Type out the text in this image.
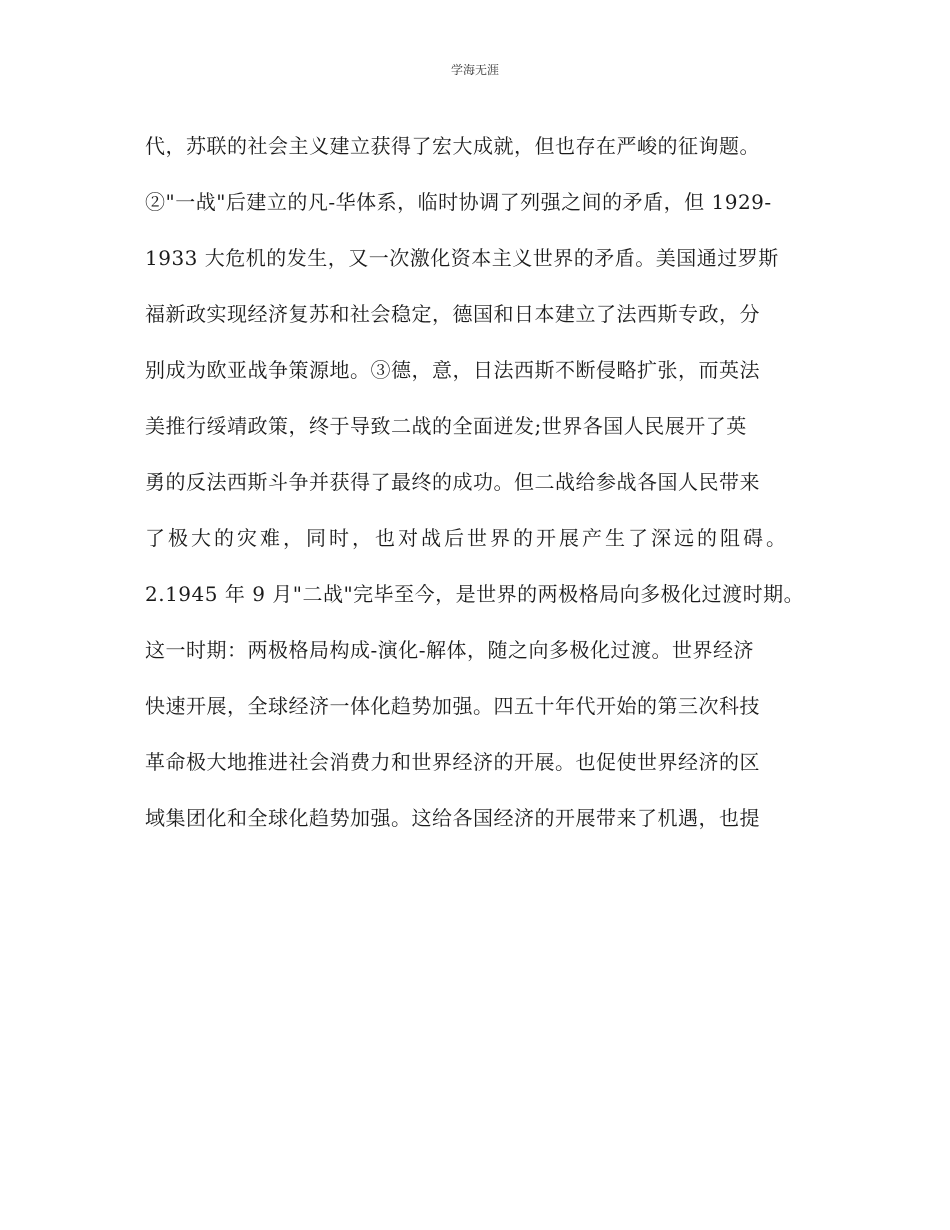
学海无涯
代，苏联的社会主义建立获得了宏大成就，但也存在严峻的征询题。
②"一战"后建立的凡-华体系，临时协调了列强之间的矛盾，但 1929-
1933 大危机的发生，又一次激化资本主义世界的矛盾。美国通过罗斯
福新政实现经济复苏和社会稳定，德国和日本建立了法西斯专政，分
别成为欧亚战争策源地。③德，意，日法西斯不断侵略扩张，而英法
美推行绥靖政策，终于导致二战的全面迸发;世界各国人民展开了英
勇的反法西斯斗争并获得了最终的成功。但二战给参战各国人民带来
了极大的灾难，同时，也对战后世界的开展产生了深远的阻碍。
2.1945 年 9 月"二战"完毕至今，是世界的两极格局向多极化过渡时期。
这一时期：两极格局构成-演化-解体，随之向多极化过渡。世界经济
快速开展，全球经济一体化趋势加强。四五十年代开始的第三次科技
革命极大地推进社会消费力和世界经济的开展。也促使世界经济的区
域集团化和全球化趋势加强。这给各国经济的开展带来了机遇，也提
